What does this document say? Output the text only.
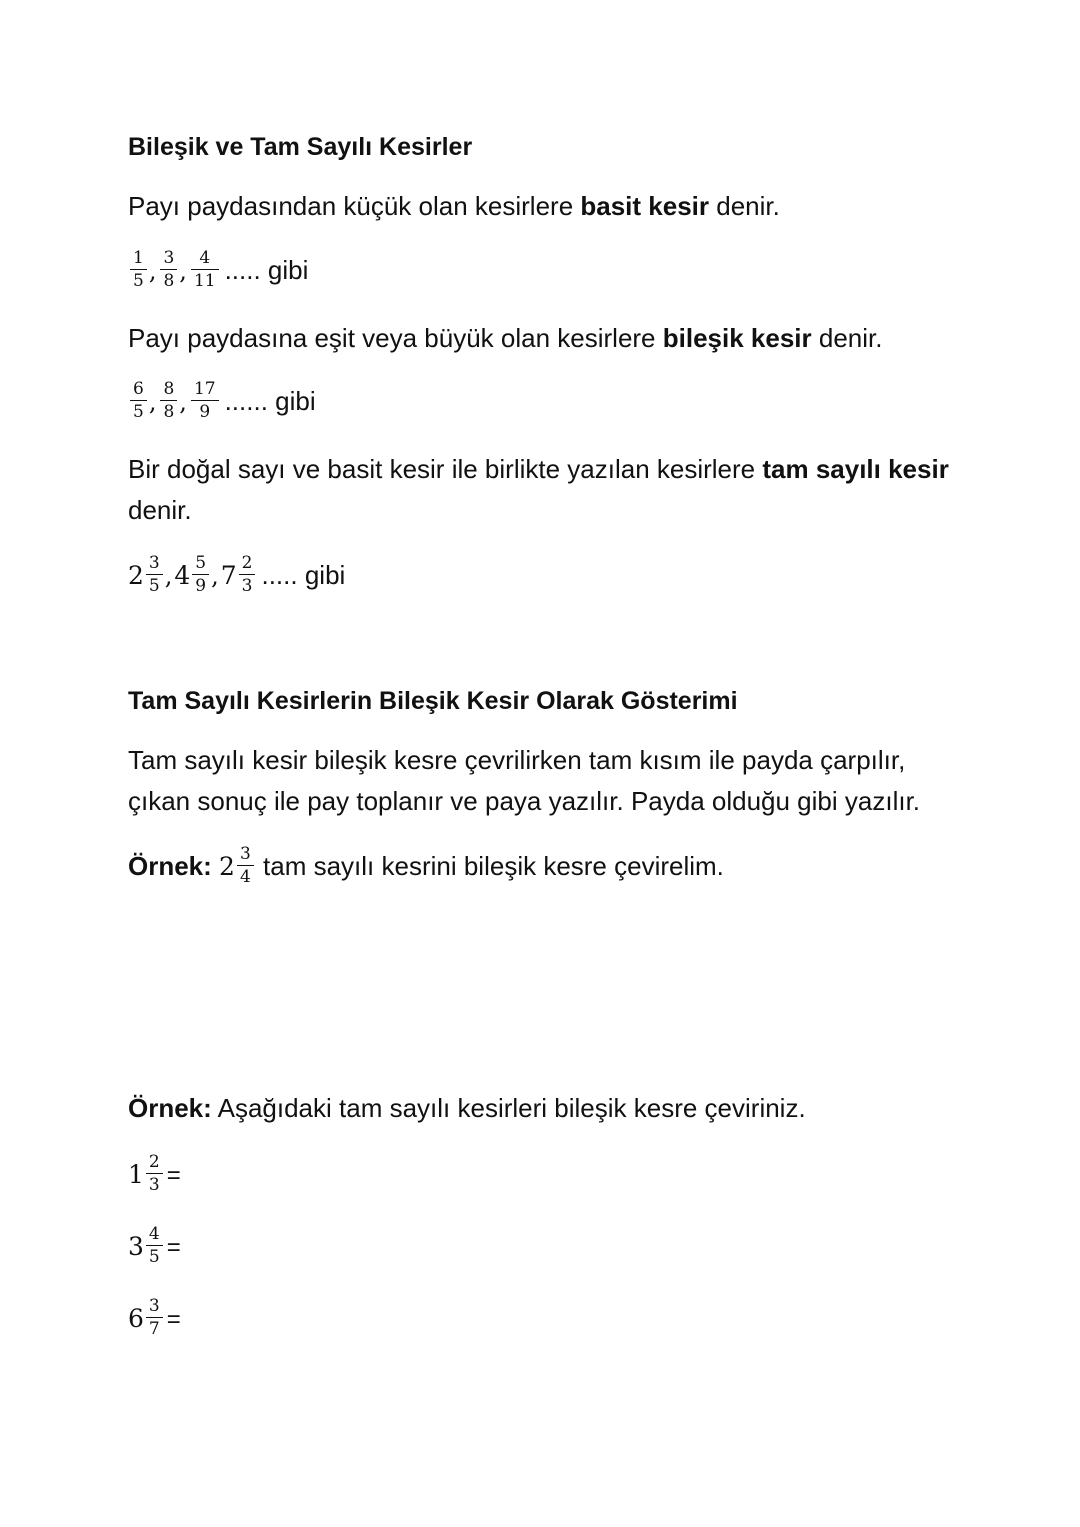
Bileşik ve Tam Sayılı Kesirler
Payı paydasından küçük olan kesirlere basit kesir denir.
$\frac{1}{5}$ , $\frac{3}{8}$ , $\frac{4}{11}$ ..... gibi
Payı paydasına eşit veya büyük olan kesirlere bileşik kesir denir.
$\frac{6}{5}$ , $\frac{8}{8}$ , $\frac{17}{9}$ ...... gibi
Bir doğal sayı ve basit kesir ile birlikte yazılan kesirlere tam sayılı kesir
denir.
$2 \frac{3}{5} ,4 \frac{5}{9} ,7 \frac{2}{3}$ ..... gibi
Tam Sayılı Kesirlerin Bileşik Kesir Olarak Gösterimi
Tam sayılı kesir bileşik kesre çevrilirken tam kısım ile payda çarpılır,
çıkan sonuç ile pay toplanır ve paya yazılır. Payda olduğu gibi yazılır.
Örnek: $2 \frac{3}{4}$ tam sayılı kesrini bileşik kesre çevirelim.
Örnek: Aşağıdaki tam sayılı kesirleri bileşik kesre çeviriniz.
$1 \frac{2}{3}$ =
$3 \frac{4}{5}$ =
$6 \frac{3}{7}$ =
